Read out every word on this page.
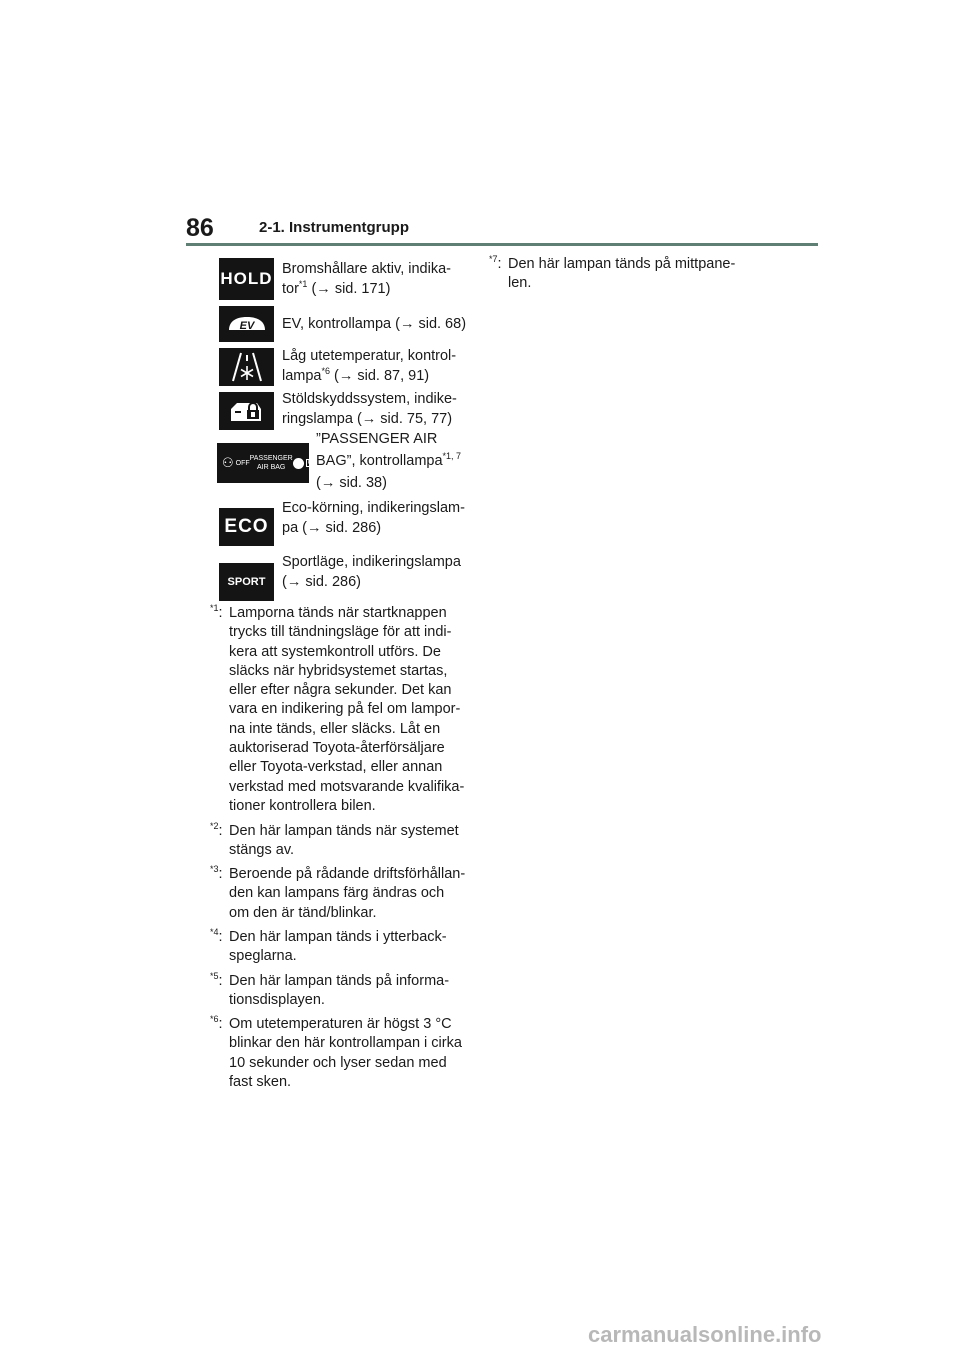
86	2-1. Instrumentgrupp
HOLD Bromshållare aktiv, indika-
tor$^{*1}$ (→ sid. 171)
EV EV, kontrollampa (→ sid. 68)
Låg utetemperatur, kontrol-
lampa$^{*6}$ (→ sid. 87, 91)
Stöldskyddssystem, indike-
ringslampa (→ sid. 75, 77)
⚇ OFF
PASSENGER
AIR BAG
ON
”PASSENGER AIR
BAG”, kontrollampa$^{*1, 7}$
(→ sid. 38)
ECO
Eco-körning, indikeringslam-
pa (→ sid. 286)
SPORT
Sportläge, indikeringslampa
(→ sid. 286)
$^{*1}$: Lamporna tänds när startknappen
trycks till tändningsläge för att indi-
kera att systemkontroll utförs. De
släcks när hybridsystemet startas,
eller efter några sekunder. Det kan
vara en indikering på fel om lampor-
na inte tänds, eller släcks. Låt en
auktoriserad Toyota-återförsäljare
eller Toyota-verkstad, eller annan
verkstad med motsvarande kvalifika-
tioner kontrollera bilen.
$^{*2}$: Den här lampan tänds när systemet
stängs av.
$^{*3}$: Beroende på rådande driftsförhållan-
den kan lampans färg ändras och
om den är tänd/blinkar.
$^{*4}$: Den här lampan tänds i ytterback-
speglarna.
$^{*5}$: Den här lampan tänds på informa-
tionsdisplayen.
$^{*6}$: Om utetemperaturen är högst 3 °C
blinkar den här kontrollampan i cirka
10 sekunder och lyser sedan med
fast sken.
$^{*7}$: Den här lampan tänds på mittpane-
len.
carmanualsonline.info
